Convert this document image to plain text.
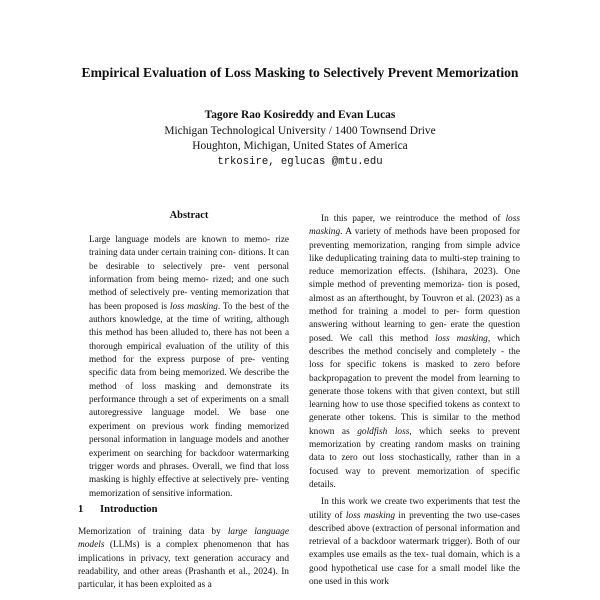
Empirical Evaluation of Loss Masking to Selectively Prevent Memorization
Tagore Rao Kosireddy and Evan Lucas
Michigan Technological University / 1400 Townsend Drive
Houghton, Michigan, United States of America
trkosire, eglucas @mtu.edu
Abstract

Large language models are known to memo- rize training data under certain training con- ditions. It can be desirable to selectively pre- vent personal information from being memo- rized; and one such method of selectively pre- venting memorization that has been proposed is loss masking. To the best of the authors knowledge, at the time of writing, although this method has been alluded to, there has not been a thorough empirical evaluation of the utility of this method for the express purpose of pre- venting specific data from being memorized. We describe the method of loss masking and demonstrate its performance through a set of experiments on a small autoregressive language model. We base one experiment on previous work finding memorized personal information in language models and another experiment on searching for backdoor watermarking trigger words and phrases. Overall, we find that loss masking is highly effective at selectively pre- venting memorization of sensitive information.

1 Introduction

Memorization of training data by large language models (LLMs) is a complex phenomenon that has implications in privacy, text generation accuracy and readability, and other areas (Prashanth et al., 2024). In particular, it has been exploited as a

In this paper, we reintroduce the method of loss masking. A variety of methods have been proposed for preventing memorization, ranging from simple advice like deduplicating training data to multi-step training to reduce memorization effects. (Ishihara, 2023). One simple method of preventing memoriza- tion is posed, almost as an afterthought, by Touvron et al. (2023) as a method for training a model to per- form question answering without learning to gen- erate the question posed. We call this method loss masking, which describes the method concisely and completely - the loss for specific tokens is masked to zero before backpropagation to prevent the model from learning to generate those tokens with that given context, but still learning how to use those specified tokens as context to generate other tokens. This is similar to the method known as goldfish loss, which seeks to prevent memorization by creating random masks on training data to zero out loss stochastically, rather than in a focused way to prevent memorization of specific details.

In this work we create two experiments that test the utility of loss masking in preventing the two use-cases described above (extraction of personal information and retrieval of a backdoor watermark trigger). Both of our examples use emails as the tex- tual domain, which is a good hypothetical use case for a small model like the one used in this work
